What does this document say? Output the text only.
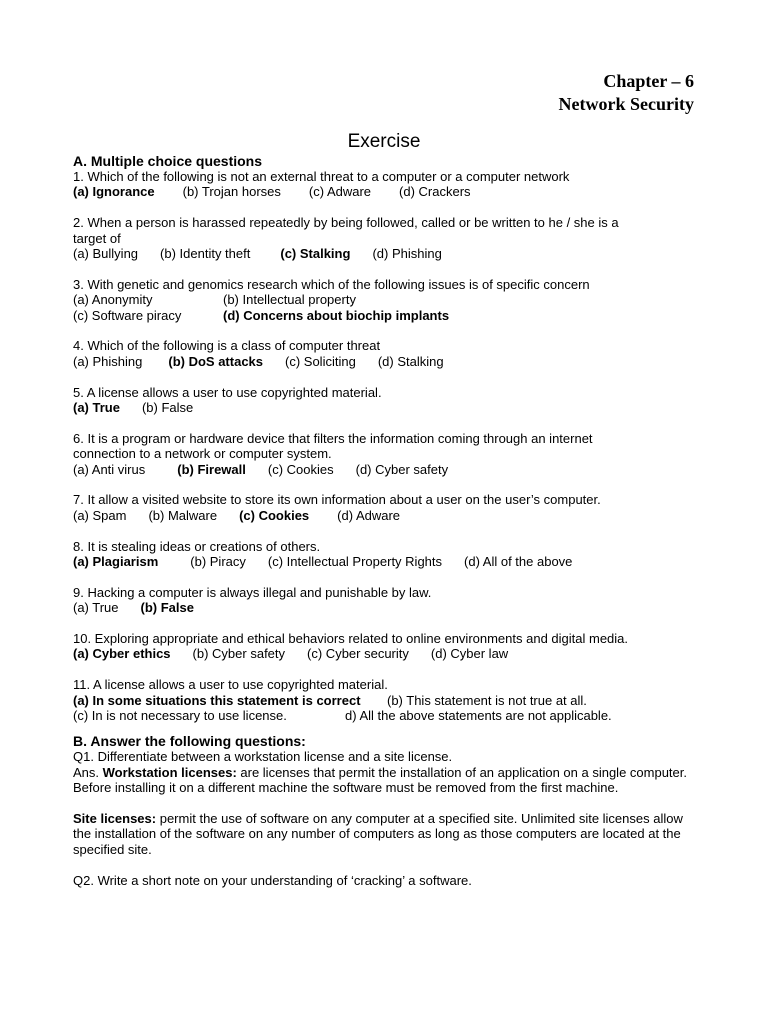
Chapter – 6
Network Security
Exercise
A. Multiple choice questions
1. Which of the following is not an external threat to a computer or a computer network
(a) Ignorance (b) Trojan horses (c) Adware (d) Crackers
2. When a person is harassed repeatedly by being followed, called or be written to he / she is a target of
(a) Bullying (b) Identity theft (c) Stalking (d) Phishing
3. With genetic and genomics research which of the following issues is of specific concern
(a) Anonymity	(b) Intellectual property
(c) Software piracy	(d) Concerns about biochip implants
4. Which of the following is a class of computer threat
(a) Phishing (b) DoS attacks (c) Soliciting (d) Stalking
5. A license allows a user to use copyrighted material.
(a) True (b) False
6. It is a program or hardware device that filters the information coming through an internet connection to a network or computer system.
(a) Anti virus (b) Firewall (c) Cookies (d) Cyber safety
7. It allow a visited website to store its own information about a user on the user’s computer.
(a) Spam (b) Malware (c) Cookies (d) Adware
8. It is stealing ideas or creations of others.
(a) Plagiarism (b) Piracy (c) Intellectual Property Rights (d) All of the above
9. Hacking a computer is always illegal and punishable by law.
(a) True (b) False
10. Exploring appropriate and ethical behaviors related to online environments and digital media.
(a) Cyber ethics (b) Cyber safety (c) Cyber security (d) Cyber law
11. A license allows a user to use copyrighted material.
(a) In some situations this statement is correct (b) This statement is not true at all.
(c) In is not necessary to use license.	d) All the above statements are not applicable.
B. Answer the following questions:
Q1. Differentiate between a workstation license and a site license.
Ans. Workstation licenses: are licenses that permit the installation of an application on a single computer. Before installing it on a different machine the software must be removed from the first machine.
Site licenses: permit the use of software on any computer at a specified site. Unlimited site licenses allow the installation of the software on any number of computers as long as those computers are located at the specified site.
Q2. Write a short note on your understanding of ‘cracking’ a software.
